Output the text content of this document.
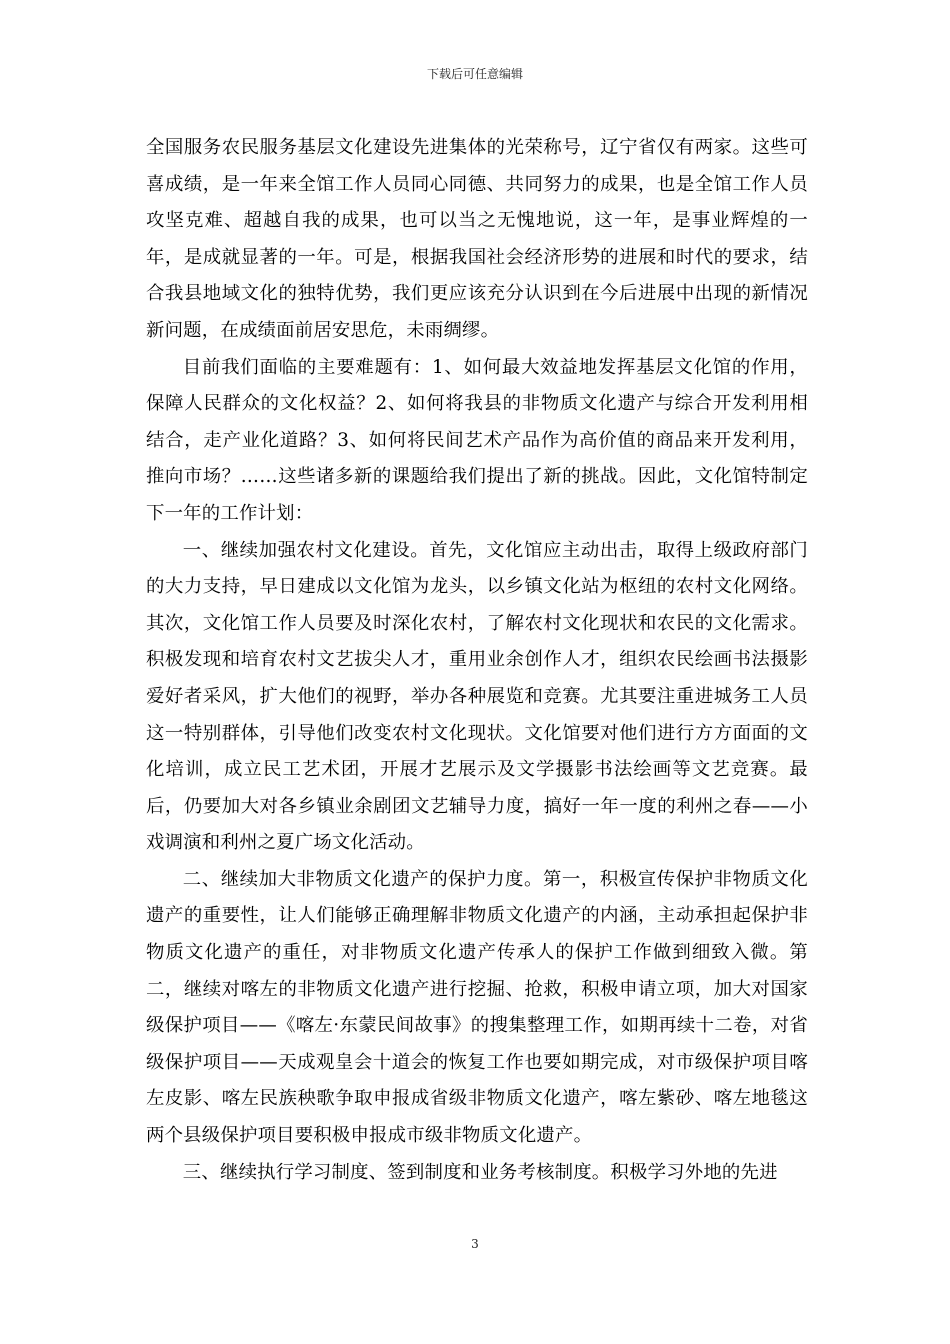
下载后可任意编辑

全国服务农民服务基层文化建设先进集体的光荣称号，辽宁省仅有两家。这些可喜成绩，是一年来全馆工作人员同心同德、共同努力的成果，也是全馆工作人员攻坚克难、超越自我的成果，也可以当之无愧地说，这一年，是事业辉煌的一年，是成就显著的一年。可是，根据我国社会经济形势的进展和时代的要求，结合我县地域文化的独特优势，我们更应该充分认识到在今后进展中出现的新情况新问题，在成绩面前居安思危，未雨绸缪。

目前我们面临的主要难题有：1、如何最大效益地发挥基层文化馆的作用，保障人民群众的文化权益？2、如何将我县的非物质文化遗产与综合开发利用相结合，走产业化道路？3、如何将民间艺术产品作为高价值的商品来开发利用，推向市场？……这些诸多新的课题给我们提出了新的挑战。因此，文化馆特制定下一年的工作计划：

一、继续加强农村文化建设。首先，文化馆应主动出击，取得上级政府部门的大力支持，早日建成以文化馆为龙头，以乡镇文化站为枢纽的农村文化网络。其次，文化馆工作人员要及时深化农村，了解农村文化现状和农民的文化需求。积极发现和培育农村文艺拔尖人才，重用业余创作人才，组织农民绘画书法摄影爱好者采风，扩大他们的视野，举办各种展览和竞赛。尤其要注重进城务工人员这一特别群体，引导他们改变农村文化现状。文化馆要对他们进行方方面面的文化培训，成立民工艺术团，开展才艺展示及文学摄影书法绘画等文艺竞赛。最后，仍要加大对各乡镇业余剧团文艺辅导力度，搞好一年一度的利州之春——小戏调演和利州之夏广场文化活动。

二、继续加大非物质文化遗产的保护力度。第一，积极宣传保护非物质文化遗产的重要性，让人们能够正确理解非物质文化遗产的内涵，主动承担起保护非物质文化遗产的重任，对非物质文化遗产传承人的保护工作做到细致入微。第二，继续对喀左的非物质文化遗产进行挖掘、抢救，积极申请立项，加大对国家级保护项目——《喀左·东蒙民间故事》的搜集整理工作，如期再续十二卷，对省级保护项目——天成观皇会十道会的恢复工作也要如期完成，对市级保护项目喀左皮影、喀左民族秧歌争取申报成省级非物质文化遗产，喀左紫砂、喀左地毯这两个县级保护项目要积极申报成市级非物质文化遗产。

三、继续执行学习制度、签到制度和业务考核制度。积极学习外地的先进

3
